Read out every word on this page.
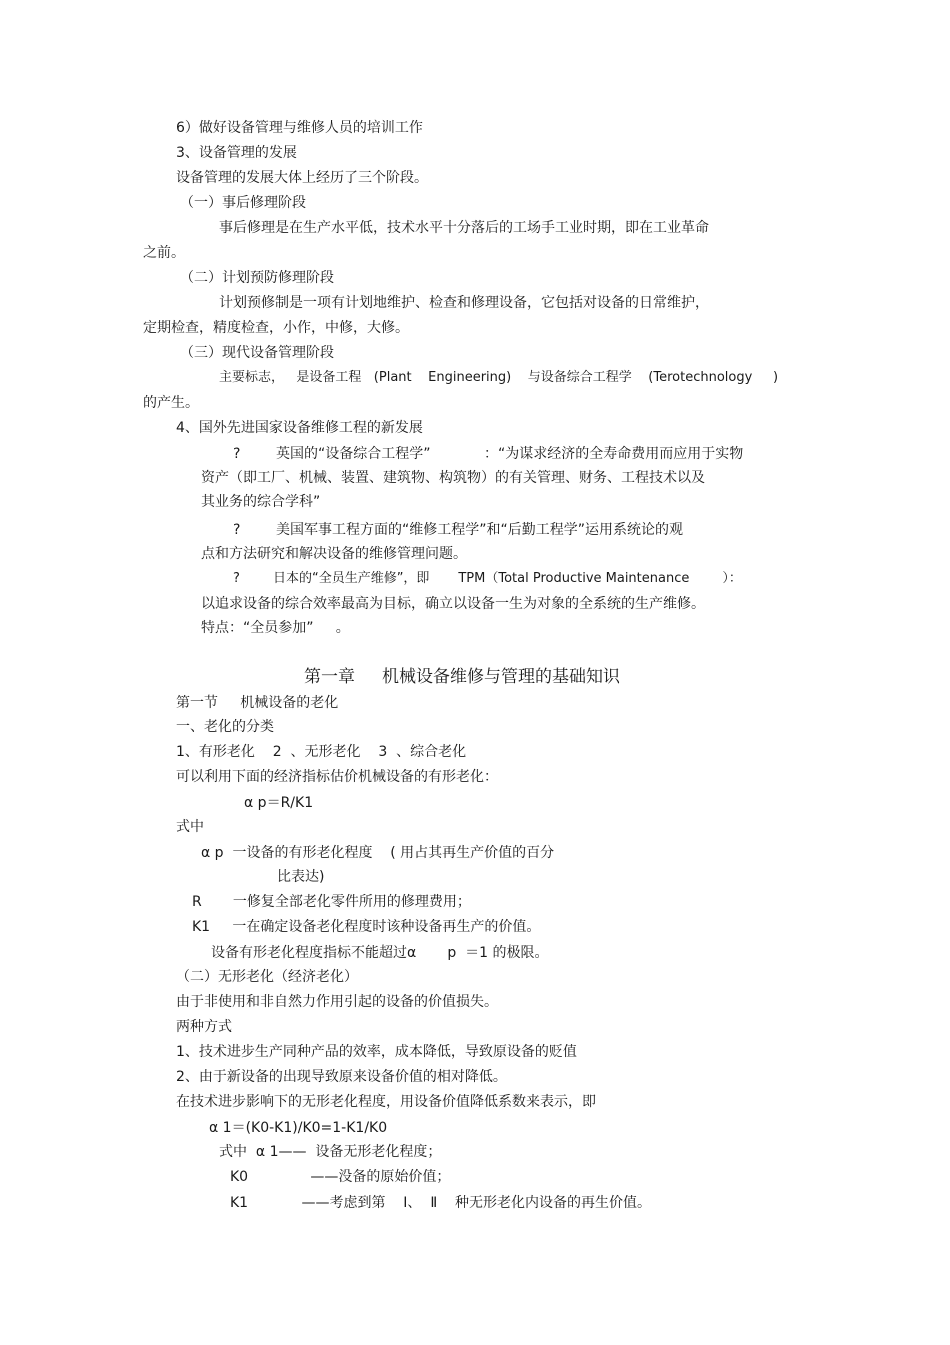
6）做好设备管理与维修人员的培训工作
3、设备管理的发展
设备管理的发展大体上经历了三个阶段。
（一）事后修理阶段
事后修理是在生产水平低，技术水平十分落后的工场手工业时期，即在工业革命
之前。
（二）计划预防修理阶段
计划预修制是一项有计划地维护、检查和修理设备，它包括对设备的日常维护，
定期检查，精度检查，小作，中修，大修。
（三）现代设备管理阶段
主要标志，   是设备工程   (Plant    Engineering)    与设备综合工程学    (Terotechnology     )
的产生。
4、国外先进国家设备维修工程的新发展
?        英国的“设备综合工程学”            ：“为谋求经济的全寿命费用而应用于实物
资产（即工厂、机械、装置、建筑物、构筑物）的有关管理、财务、工程技术以及
其业务的综合学科”
?        美国军事工程方面的“维修工程学”和“后勤工程学”运用系统论的观
点和方法研究和解决设备的维修管理问题。
?        日本的“全员生产维修”，即       TPM（Total Productive Maintenance        ）：
以追求设备的综合效率最高为目标，确立以设备一生为对象的全系统的生产维修。
特点：“全员参加”     。
第一章     机械设备维修与管理的基础知识
第一节     机械设备的老化
一、老化的分类
1、有形老化    2  、无形老化    3  、综合老化
可以利用下面的经济指标估价机械设备的有形老化：
α p＝R/K1
式中
α p  一设备的有形老化程度    ( 用占其再生产价值的百分
比表达)
R       一修复全部老化零件所用的修理费用；
K1     一在确定设备老化程度时该种设备再生产的价值。
设备有形老化程度指标不能超过α       p  ＝1 的极限。
（二）无形老化（经济老化）
由于非使用和非自然力作用引起的设备的价值损失。
两种方式
1、技术进步生产同种产品的效率，成本降低，导致原设备的贬值
2、由于新设备的出现导致原来设备价值的相对降低。
在技术进步影响下的无形老化程度，用设备价值降低系数来表示，即
α 1＝(K0-K1)/K0=1-K1/K0
式中  α 1——  设备无形老化程度；
K0              ——没备的原始价值；
K1            ——考虑到第    Ⅰ、  Ⅱ    种无形老化内设备的再生价值。
